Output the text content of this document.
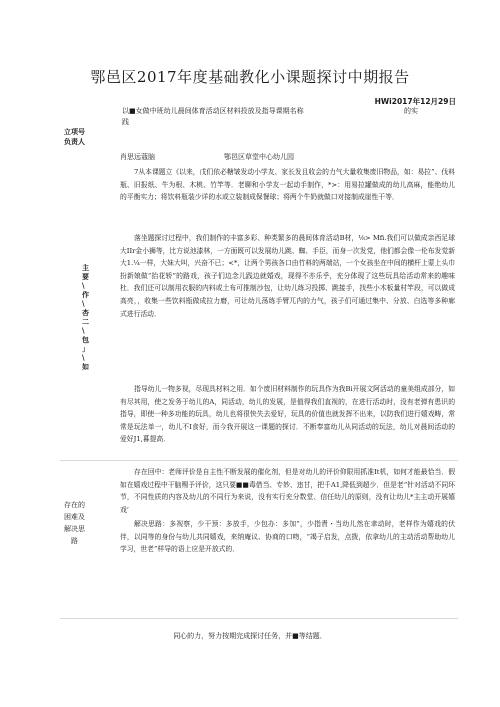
鄂邑区2017年度基础教化小课题探讨中期报告
HWi2017年12月29日
以■女做中班幼儿晨间体育活动区材料投放及指导课期名称	的实

践
立项号
负责人
肖思远蔻脑	鄂邑区草堂中心幼儿园
主 要 \ 作 \ 杏 二 \ 包 」 \ 如

7从本课题立《以来，戊们依必糖皱发动小学友、家长发且收会的力气大量收集废旧物品，如：易拉”、伐料瓶、旧报纸、牛为根、木桃、竹竿等．老聊和小学友一起动手制作，*>：用易拉罐做成的幼儿高麻，能绝幼儿的平衡实力；将饮料瓶装少详的水或立装制成保餐球；将两个牛奶就做口对接制成崖性干等．

落坐题探讨过程中，我们制作的丰富多彩、种类繁多的晨间体育活动B材，⅛> Mfi.我们可以做成亲西足球大IIr金小狮等，比方说池漆林，一方面既可以发展幼儿跳、蜘、手臣，而身一次发党，他们都会像一伦布发觉新大1.¼一样，大妹大叫，兴奋不已；<*，让两个男孩各口由竹料的两端站，一个女孩坐在中间的横杆上蒙上头巾扮新娘做“抬花轿”的路戏，孩子们边念儿践边就婚戏，现得不亦乐乎，充分体现了这些玩具给活动常来的趣味杜．我们还可以制用衣服的内料或土布可推制沙包，让幼儿练习投掷、跳接手，找些小木板量村竿段，可以做成高亮，，收集一些饮料瓶做成拉力磨，可让幼儿荡练手臂兀内的力气，孩子们可通过集中、分放、白选等多种廊式进行活动．

指导幼儿一物多视，尽现具材料之用．如个废旧材料制作的玩具作为我Bi开展文阿活动的童美组成部分，如有尽其用，使之发务于幼儿的A，同活动，幼儿的发展，是值得我们直视的，在进行活动时，没有老弹有患识的指导，即使一种多功能的玩具，幼儿也将很快失去爱好，玩具的价值也就发挥不出来，以防我们进行嬉戏畴，常常是玩法单一，幼儿不I食好，而今我开展这一课题的探讨．不断奉富幼儿从同活动的玩法，幼儿对晨间活动的爱好J1,暮提高．

存在回中：老师评价是自主性不断发展的催化剂，但是对幼儿的评价仰限用抓准It机，如何才能最恰当．假如在嬉戏过程中干脑赐予评价，这只要■■毒借当、专妙、违甘，把千A1,降低到超少．但是老”针对活动不同环节，不同性质的内容及幼儿的不同行为来说，没有实行充分数堂、信任幼儿的原则，没有让幼儿*主主动开展嬉戏’

存在的
困难及
解决思
路

解决思路：多视察，少干预：多放手，少包办：多加”，少指責・当幼儿然在聿动时，老样作为嬉戏的伏伴，以同等的身份与幼儿共同嬉戏，来纳庵议、协商的口吻，“竭子启发，点拨，依拿幼儿的主动活动帮助幼儿学习，世老”样导的语上应是开放式的．

同心的力，努力按期完成探讨任务，并■等结题．
